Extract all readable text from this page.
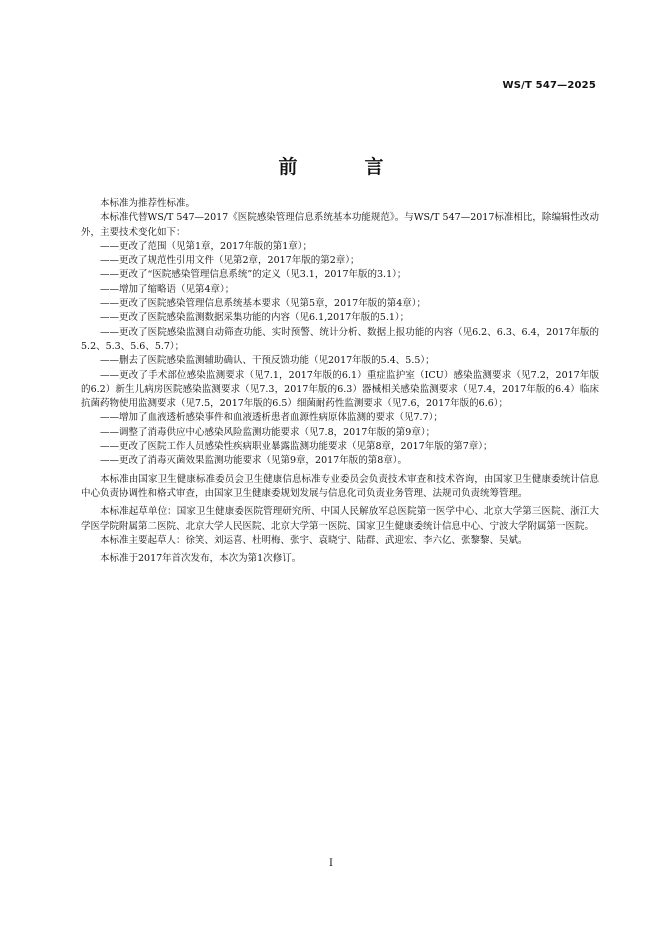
WS/T 547—2025
前　言

本标准为推荐性标准。

本标准代替WS/T 547—2017《医院感染管理信息系统基本功能规范》。与WS/T 547—2017标准相比，除编辑性改动外，主要技术变化如下：

——更改了范围（见第1章，2017年版的第1章）；

——更改了规范性引用文件（见第2章，2017年版的第2章）；

——更改了“医院感染管理信息系统”的定义（见3.1，2017年版的3.1）；

——增加了缩略语（见第4章）；

——更改了医院感染管理信息系统基本要求（见第5章，2017年版的第4章）；

——更改了医院感染监测数据采集功能的内容（见6.1,2017年版的5.1）；

——更改了医院感染监测自动筛查功能、实时预警、统计分析、数据上报功能的内容（见6.2、6.3、6.4，2017年版的5.2、5.3、5.6、5.7）；

——删去了医院感染监测辅助确认、干预反馈功能（见2017年版的5.4、5.5）；

——更改了手术部位感染监测要求（见7.1，2017年版的6.1）重症监护室（ICU）感染监测要求（见7.2，2017年版的6.2）新生儿病房医院感染监测要求（见7.3，2017年版的6.3）器械相关感染监测要求（见7.4，2017年版的6.4）临床抗菌药物使用监测要求（见7.5，2017年版的6.5）细菌耐药性监测要求（见7.6，2017年版的6.6）；

——增加了血液透析感染事件和血液透析患者血源性病原体监测的要求（见7.7）；

——调整了消毒供应中心感染风险监测功能要求（见7.8，2017年版的第9章）；

——更改了医院工作人员感染性疾病职业暴露监测功能要求（见第8章，2017年版的第7章）；

——更改了消毒灭菌效果监测功能要求（见第9章，2017年版的第8章）。

本标准由国家卫生健康标准委员会卫生健康信息标准专业委员会负责技术审查和技术咨询，由国家卫生健康委统计信息中心负责协调性和格式审查，由国家卫生健康委规划发展与信息化司负责业务管理、法规司负责统筹管理。

本标准起草单位：国家卫生健康委医院管理研究所、中国人民解放军总医院第一医学中心、北京大学第三医院、浙江大学医学院附属第二医院、北京大学人民医院、北京大学第一医院、国家卫生健康委统计信息中心、宁波大学附属第一医院。

本标准主要起草人：徐笑、刘运喜、杜明梅、张宇、袁晓宁、陆群、武迎宏、李六亿、张黎黎、吴斌。

本标准于2017年首次发布，本次为第1次修订。

I
